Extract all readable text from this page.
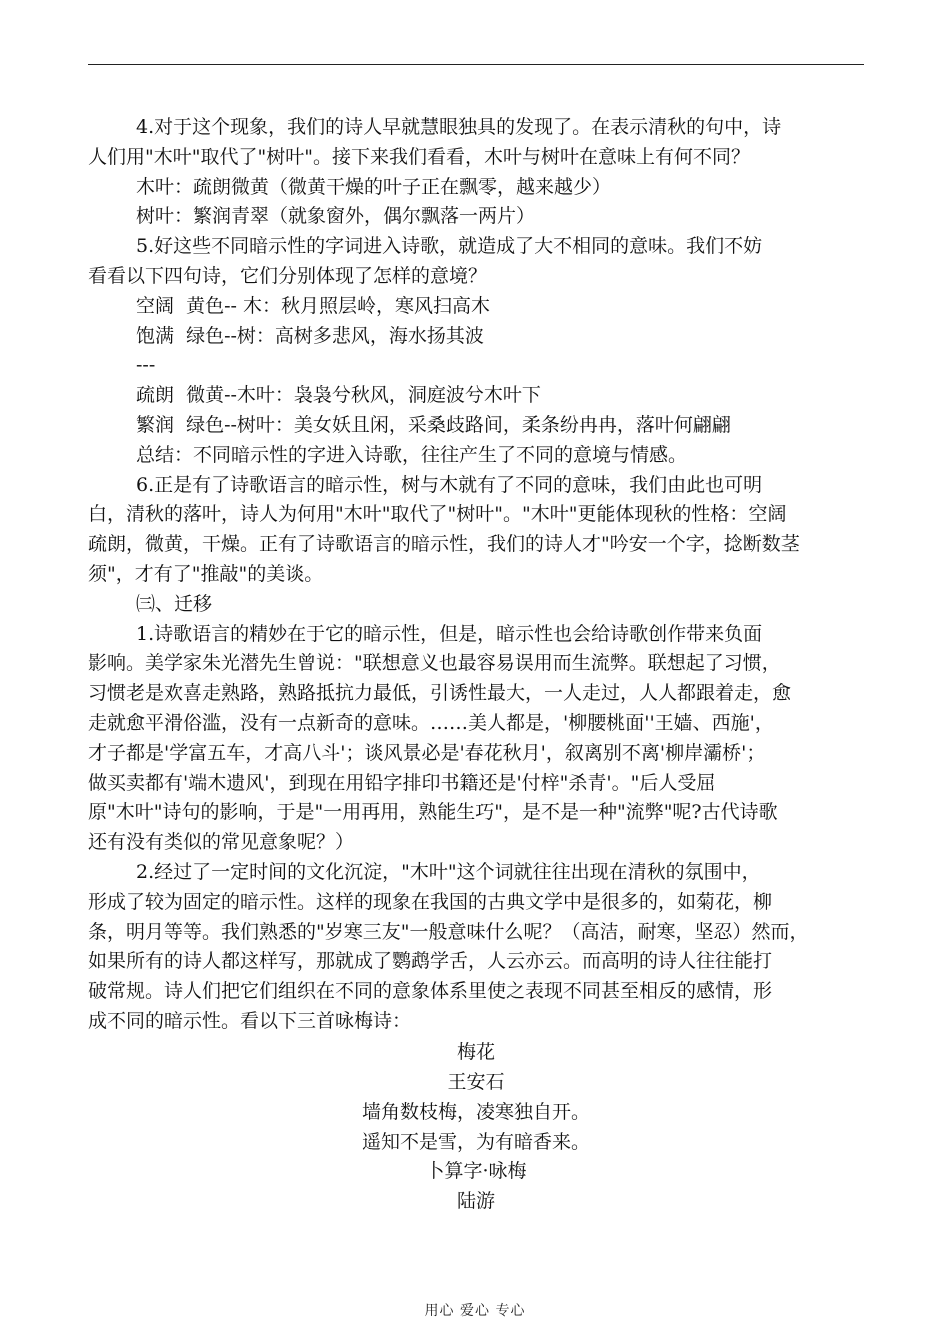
4.对于这个现象，我们的诗人早就慧眼独具的发现了。在表示清秋的句中，诗
人们用"木叶"取代了"树叶"。接下来我们看看，木叶与树叶在意味上有何不同？
木叶：疏朗微黄（微黄干燥的叶子正在飘零，越来越少）
树叶：繁润青翠（就象窗外，偶尔飘落一两片）
5.好这些不同暗示性的字词进入诗歌，就造成了大不相同的意味。我们不妨
看看以下四句诗，它们分别体现了怎样的意境？
空阔  黄色-- 木：秋月照层岭，寒风扫高木
饱满  绿色--树：高树多悲风，海水扬其波
---
疏朗  微黄--木叶：袅袅兮秋风，洞庭波兮木叶下
繁润  绿色--树叶：美女妖且闲，采桑歧路间，柔条纷冉冉，落叶何翩翩
总结：不同暗示性的字进入诗歌，往往产生了不同的意境与情感。
6.正是有了诗歌语言的暗示性，树与木就有了不同的意味，我们由此也可明
白，清秋的落叶，诗人为何用"木叶"取代了"树叶"。"木叶"更能体现秋的性格：空阔
疏朗，微黄，干燥。正有了诗歌语言的暗示性，我们的诗人才"吟安一个字，捻断数茎
须"，才有了"推敲"的美谈。
㈢、迁移
1.诗歌语言的精妙在于它的暗示性，但是，暗示性也会给诗歌创作带来负面
影响。美学家朱光潜先生曾说："联想意义也最容易误用而生流弊。联想起了习惯，
习惯老是欢喜走熟路，熟路抵抗力最低，引诱性最大，一人走过，人人都跟着走，愈
走就愈平滑俗滥，没有一点新奇的意味。……美人都是，'柳腰桃面''王嫱、西施'，
才子都是'学富五车，才高八斗'；谈风景必是'春花秋月'，叙离别不离'柳岸灞桥'；
做买卖都有'端木遗风'，到现在用铅字排印书籍还是'付梓"杀青'。"后人受屈
原"木叶"诗句的影响，于是"一用再用，熟能生巧"，是不是一种"流弊"呢?古代诗歌
还有没有类似的常见意象呢？）
2.经过了一定时间的文化沉淀，"木叶"这个词就往往出现在清秋的氛围中，
形成了较为固定的暗示性。这样的现象在我国的古典文学中是很多的，如菊花，柳
条，明月等等。我们熟悉的"岁寒三友"一般意味什么呢？（高洁，耐寒，坚忍）然而，
如果所有的诗人都这样写，那就成了鹦鹉学舌，人云亦云。而高明的诗人往往能打
破常规。诗人们把它们组织在不同的意象体系里使之表现不同甚至相反的感情，形
成不同的暗示性。看以下三首咏梅诗：
梅花
王安石
墙角数枝梅，凌寒独自开。
遥知不是雪，为有暗香来。
卜算字·咏梅
陆游
用心 爱心 专心
